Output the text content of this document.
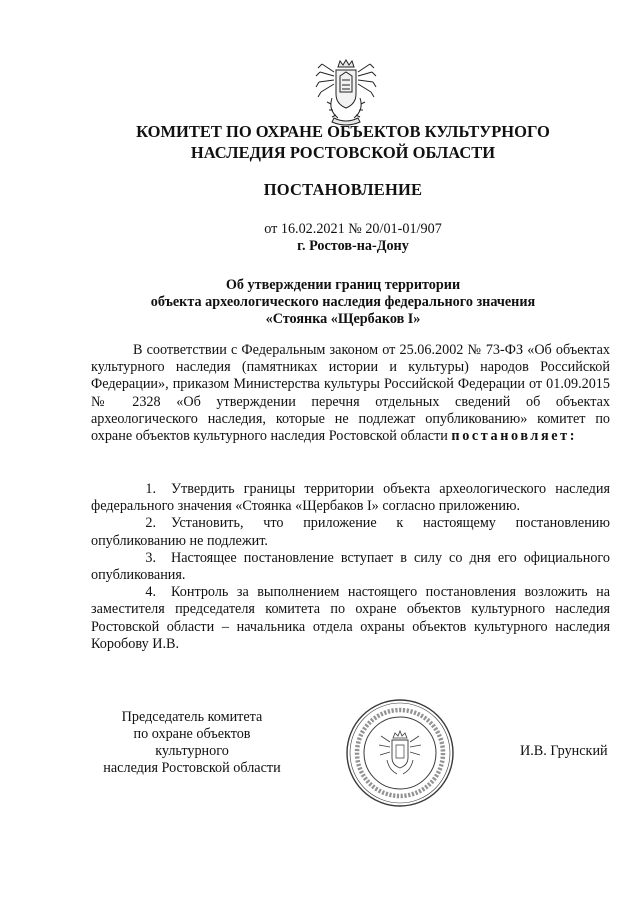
КОМИТЕТ ПО ОХРАНЕ ОБЪЕКТОВ КУЛЬТУРНОГО
НАСЛЕДИЯ РОСТОВСКОЙ ОБЛАСТИ
ПОСТАНОВЛЕНИЕ
от 16.02.2021 № 20/01-01/907
г. Ростов-на-Дону
Об утверждении границ территории
объекта археологического наследия федерального значения
«Стоянка «Щербаков I»
В соответствии с Федеральным законом от 25.06.2002 № 73-ФЗ «Об объектах культурного наследия (памятниках истории и культуры) народов Российской Федерации», приказом Министерства культуры Российской Федерации от 01.09.2015 № 2328 «Об утверждении перечня отдельных сведений об объектах археологического наследия, которые не подлежат опубликованию» комитет по охране объектов культурного наследия Ростовской области постановляет:
1. Утвердить границы территории объекта археологического наследия федерального значения «Стоянка «Щербаков I» согласно приложению.
2. Установить, что приложение к настоящему постановлению опубликованию не подлежит.
3. Настоящее постановление вступает в силу со дня его официального опубликования.
4. Контроль за выполнением настоящего постановления возложить на заместителя председателя комитета по охране объектов культурного наследия Ростовской области – начальника отдела охраны объектов культурного наследия Коробову И.В.
Председатель комитета
по охране объектов культурного
наследия Ростовской области
И.В. Грунский
